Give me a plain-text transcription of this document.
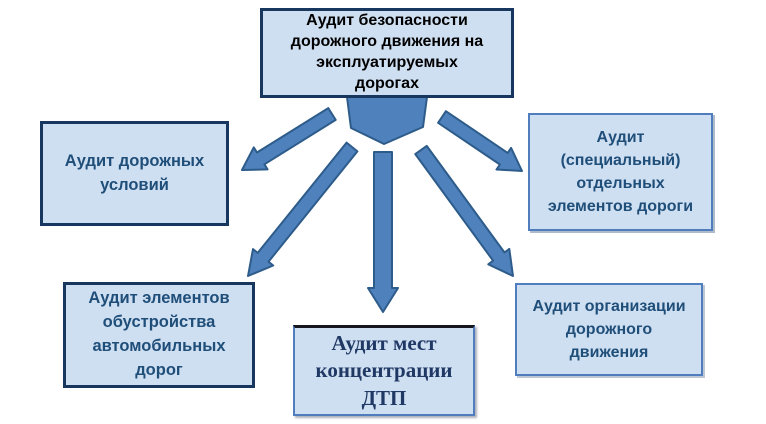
Аудит безопасности
дорожного движения на
эксплуатируемых
дорогах
Аудит дорожных
условий
Аудит
(специальный)
отдельных
элементов дороги
Аудит элементов
обустройства
автомобильных
дорог
Аудит мест
концентрации
ДТП
Аудит организации
дорожного
движения
